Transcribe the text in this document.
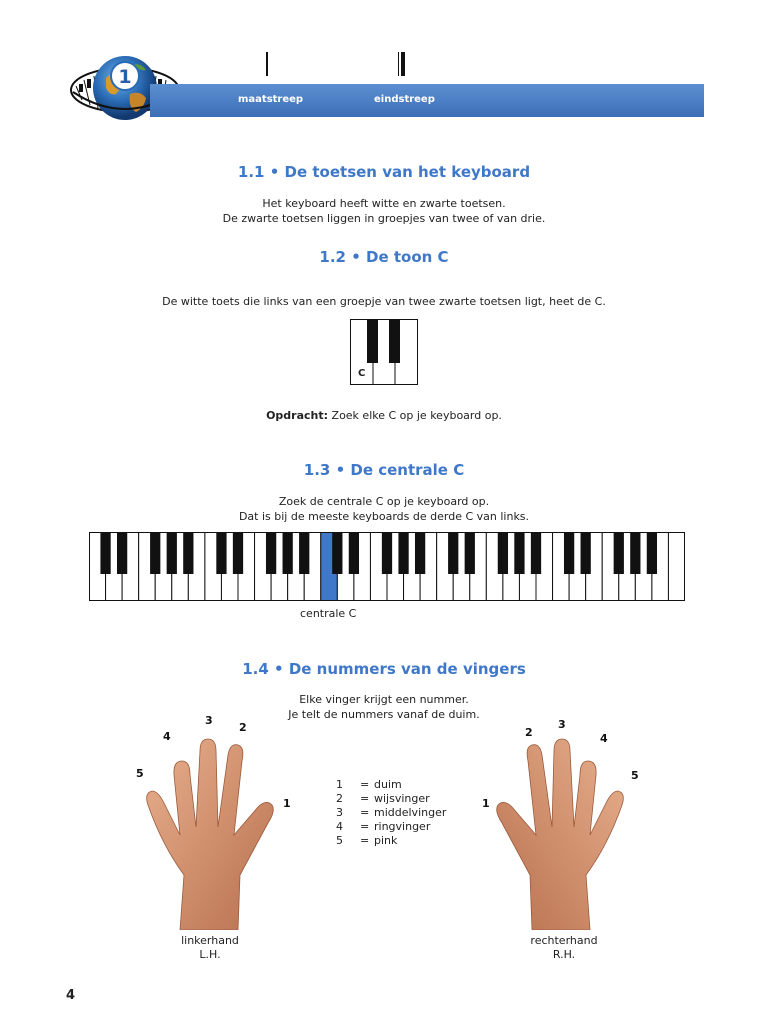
1
maatstreep	eindstreep
1.1 • De toetsen van het keyboard
Het keyboard heeft witte en zwarte toetsen.
De zwarte toetsen liggen in groepjes van twee of van drie.
1.2 • De toon C
De witte toets die links van een groepje van twee zwarte toetsen ligt, heet de C.
C
Opdracht: Zoek elke C op je keyboard op.
1.3 • De centrale C
Zoek de centrale C op je keyboard op.
Dat is bij de meeste keyboards de derde C van links.
centrale C
1.4 • De nummers van de vingers
Elke vinger krijgt een nummer.
Je telt de nummers vanaf de duim.
1
2
3
4
5
linkerhand
L.H.
1 = duim
2 = wijsvinger
3 = middelvinger
4 = ringvinger
5 = pink
1
2
3
4
5
rechterhand
R.H.
4
